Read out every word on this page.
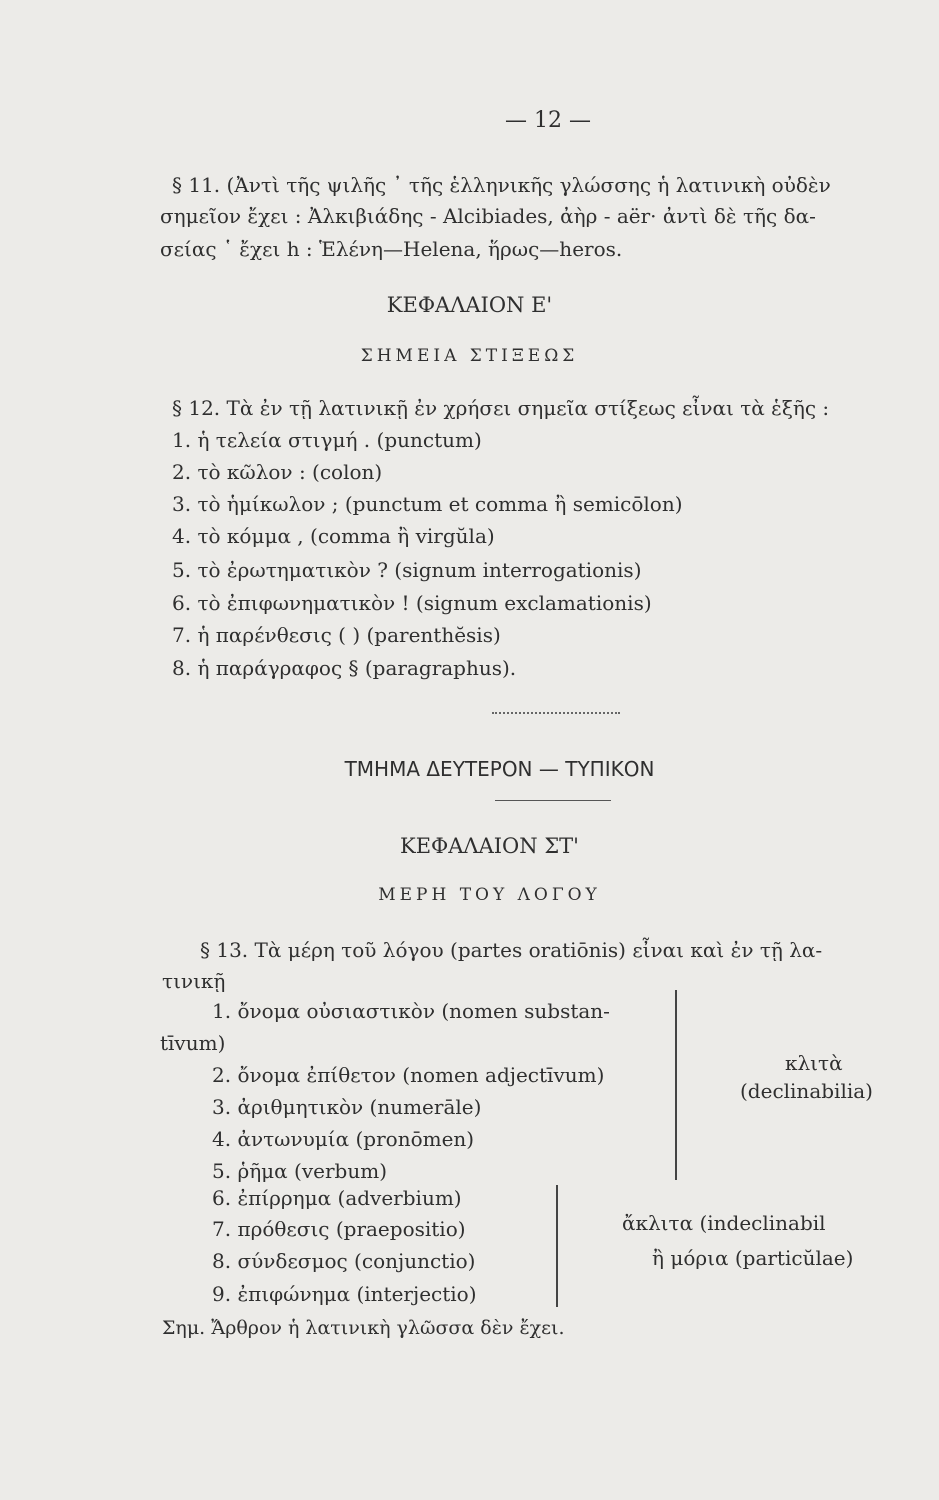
— 12 —
§ 11. (Ἀντὶ τῆς ψιλῆς ᾿ τῆς ἑλληνικῆς γλώσσης ἡ λατινικὴ οὐδὲν
σημεῖον ἔχει : Ἀλκιβιάδης - Alcibiades, ἀὴρ - aër· ἀντὶ δὲ τῆς δα-
σείας ῾ ἔχει h : Ἑλένη—Helena, ἥρως—heros.
ΚΕΦΑΛΑΙΟΝ Ε'
ΣΗΜΕΙΑ ΣΤΙΞΕΩΣ
§ 12. Τὰ ἐν τῇ λατινικῇ ἐν χρήσει σημεῖα στίξεως εἶναι τὰ ἑξῆς :
1. ἡ τελεία στιγμή . (punctum)
2. τὸ κῶλον : (colon)
3. τὸ ἡμίκωλον ; (punctum et comma ἢ semicōlon)
4. τὸ κόμμα , (comma ἢ virgŭla)
5. τὸ ἐρωτηματικὸν ? (signum interrogationis)
6. τὸ ἐπιφωνηματικὸν ! (signum exclamationis)
7. ἡ παρένθεσις ( ) (parenthĕsis)
8. ἡ παράγραφος § (paragraphus).
ΤΜΗΜΑ ΔΕΥΤΕΡΟΝ — ΤΥΠΙΚΟΝ
ΚΕΦΑΛΑΙΟΝ ΣΤ'
ΜΕΡΗ ΤΟΥ ΛΟΓΟΥ
§ 13. Τὰ μέρη τοῦ λόγου (partes oratiōnis) εἶναι καὶ ἐν τῇ λα-
τινικῇ
1. ὄνομα οὐσιαστικὸν (nomen substan-
tīvum)
2. ὄνομα ἐπίθετον (nomen adjectīvum)
3. ἀριθμητικὸν (numerāle)
4. ἀντωνυμία (pronōmen)
5. ῥῆμα (verbum)
6. ἐπίρρημα (adverbium)
7. πρόθεσις (praepositio)
8. σύνδεσμος (conjunctio)
9. ἐπιφώνημα (interjectio)
κλιτὰ
(declinabilia)
ἄκλιτα (indeclinabil
ἢ μόρια (particŭlae)
Σημ. Ἄρθρον ἡ λατινικὴ γλῶσσα δὲν ἔχει.
